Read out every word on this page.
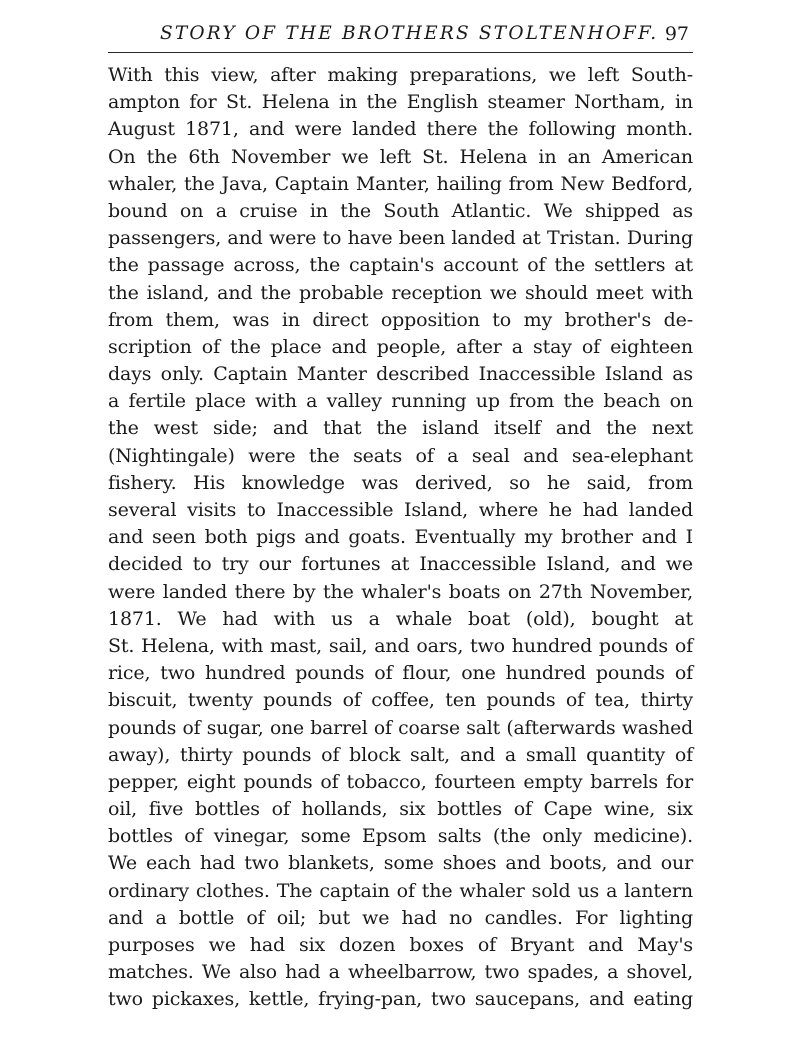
STORY OF THE BROTHERS STOLTENHOFF. 97
With this view, after making preparations, we left South-
ampton for St. Helena in the English steamer Northam, in
August 1871, and were landed there the following month.
On the 6th November we left St. Helena in an American
whaler, the Java, Captain Manter, hailing from New Bedford,
bound on a cruise in the South Atlantic. We shipped as
passengers, and were to have been landed at Tristan. During
the passage across, the captain's account of the settlers at
the island, and the probable reception we should meet with
from them, was in direct opposition to my brother's de-
scription of the place and people, after a stay of eighteen
days only. Captain Manter described Inaccessible Island as
a fertile place with a valley running up from the beach on
the west side; and that the island itself and the next
(Nightingale) were the seats of a seal and sea-elephant
fishery. His knowledge was derived, so he said, from
several visits to Inaccessible Island, where he had landed
and seen both pigs and goats. Eventually my brother and I
decided to try our fortunes at Inaccessible Island, and we
were landed there by the whaler's boats on 27th November,
1871. We had with us a whale boat (old), bought at
St. Helena, with mast, sail, and oars, two hundred pounds of
rice, two hundred pounds of flour, one hundred pounds of
biscuit, twenty pounds of coffee, ten pounds of tea, thirty
pounds of sugar, one barrel of coarse salt (afterwards washed
away), thirty pounds of block salt, and a small quantity of
pepper, eight pounds of tobacco, fourteen empty barrels for
oil, five bottles of hollands, six bottles of Cape wine, six
bottles of vinegar, some Epsom salts (the only medicine).
We each had two blankets, some shoes and boots, and our
ordinary clothes. The captain of the whaler sold us a lantern
and a bottle of oil; but we had no candles. For lighting
purposes we had six dozen boxes of Bryant and May's
matches. We also had a wheelbarrow, two spades, a shovel,
two pickaxes, kettle, frying-pan, two saucepans, and eating
